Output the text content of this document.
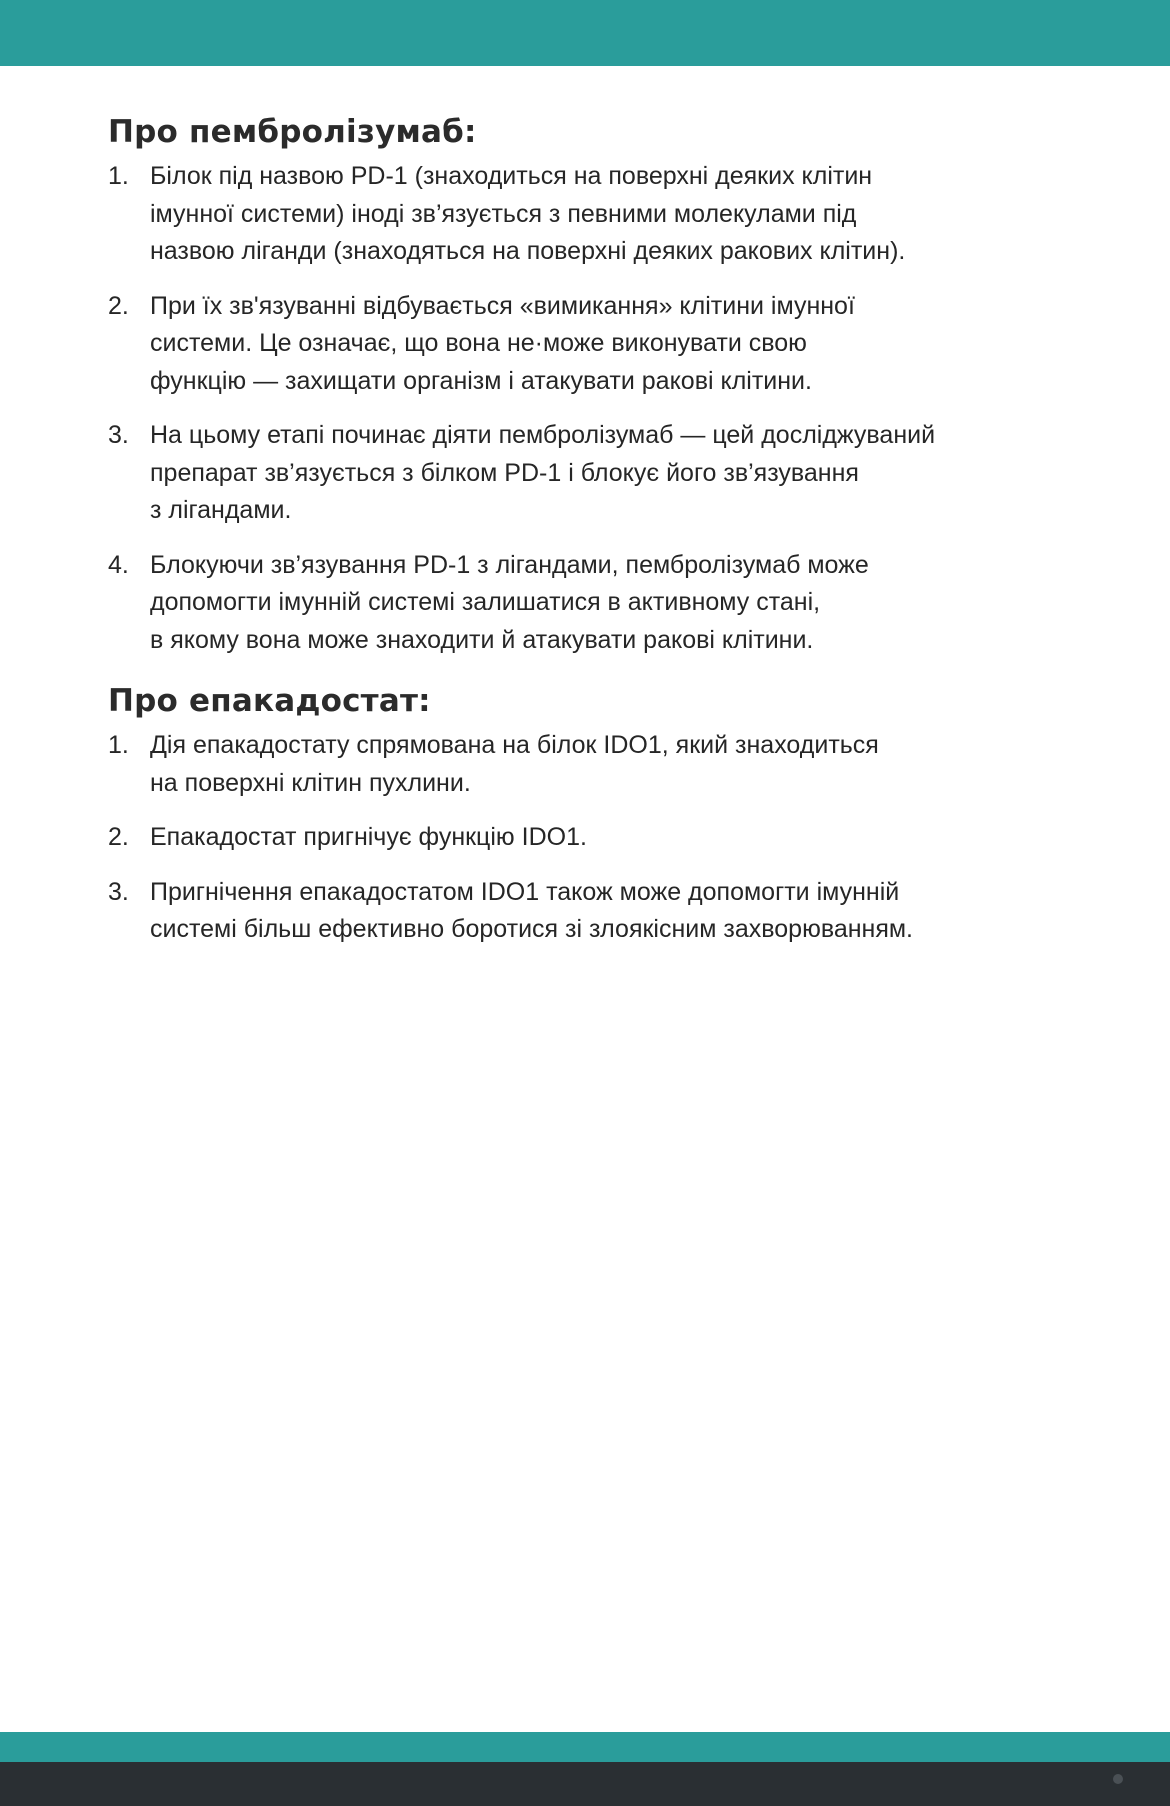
Про пембролізумаб:
1. Білок під назвою PD-1 (знаходиться на поверхні деяких клітин
імунної системи) іноді зв’язується з певними молекулами під
назвою ліганди (знаходяться на поверхні деяких ракових клітин).
2. При їх зв'язуванні відбувається «вимикання» клітини імунної
системи. Це означає, що вона не·може виконувати свою
функцію — захищати організм і атакувати ракові клітини.
3. На цьому етапі починає діяти пембролізумаб — цей досліджуваний
препарат зв’язується з білком PD-1 і блокує його зв’язування
з лігандами.
4. Блокуючи зв’язування PD-1 з лігандами, пембролізумаб може
допомогти імунній системі залишатися в активному стані,
в якому вона може знаходити й атакувати ракові клітини.
Про епакадостат:
1. Дія епакадостату спрямована на білок IDO1, який знаходиться
на поверхні клітин пухлини.
2. Епакадостат пригнічує функцію IDO1.
3. Пригнічення епакадостатом IDO1 також може допомогти імунній
системі більш ефективно боротися зі злоякісним захворюванням.
